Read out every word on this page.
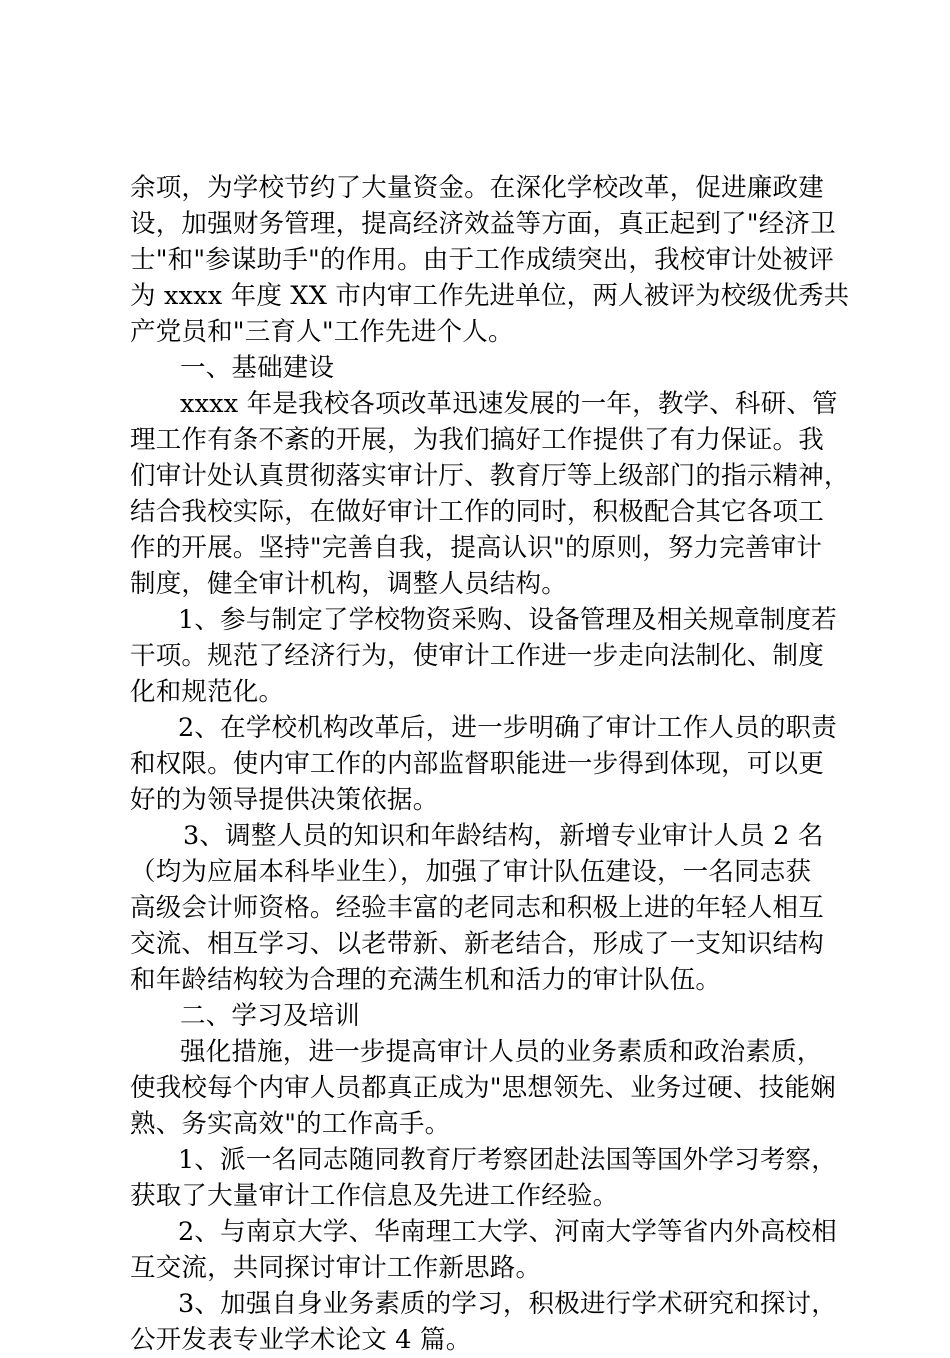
余项，为学校节约了大量资金。在深化学校改革，促进廉政建
设，加强财务管理，提高经济效益等方面，真正起到了"经济卫
士"和"参谋助手"的作用。由于工作成绩突出，我校审计处被评
为 xxxx 年度 XX 市内审工作先进单位，两人被评为校级优秀共
产党员和"三育人"工作先进个人。
一、基础建设
xxxx 年是我校各项改革迅速发展的一年，教学、科研、管
理工作有条不紊的开展，为我们搞好工作提供了有力保证。我
们审计处认真贯彻落实审计厅、教育厅等上级部门的指示精神，
结合我校实际，在做好审计工作的同时，积极配合其它各项工
作的开展。坚持"完善自我，提高认识"的原则，努力完善审计
制度，健全审计机构，调整人员结构。
1、参与制定了学校物资采购、设备管理及相关规章制度若
干项。规范了经济行为，使审计工作进一步走向法制化、制度
化和规范化。
2、在学校机构改革后，进一步明确了审计工作人员的职责
和权限。使内审工作的内部监督职能进一步得到体现，可以更
好的为领导提供决策依据。
3、调整人员的知识和年龄结构，新增专业审计人员 2 名
（均为应届本科毕业生），加强了审计队伍建设，一名同志获
高级会计师资格。经验丰富的老同志和积极上进的年轻人相互
交流、相互学习、以老带新、新老结合，形成了一支知识结构
和年龄结构较为合理的充满生机和活力的审计队伍。
二、学习及培训
强化措施，进一步提高审计人员的业务素质和政治素质，
使我校每个内审人员都真正成为"思想领先、业务过硬、技能娴
熟、务实高效"的工作高手。
1、派一名同志随同教育厅考察团赴法国等国外学习考察，
获取了大量审计工作信息及先进工作经验。
2、与南京大学、华南理工大学、河南大学等省内外高校相
互交流，共同探讨审计工作新思路。
3、加强自身业务素质的学习，积极进行学术研究和探讨，
公开发表专业学术论文 4 篇。
